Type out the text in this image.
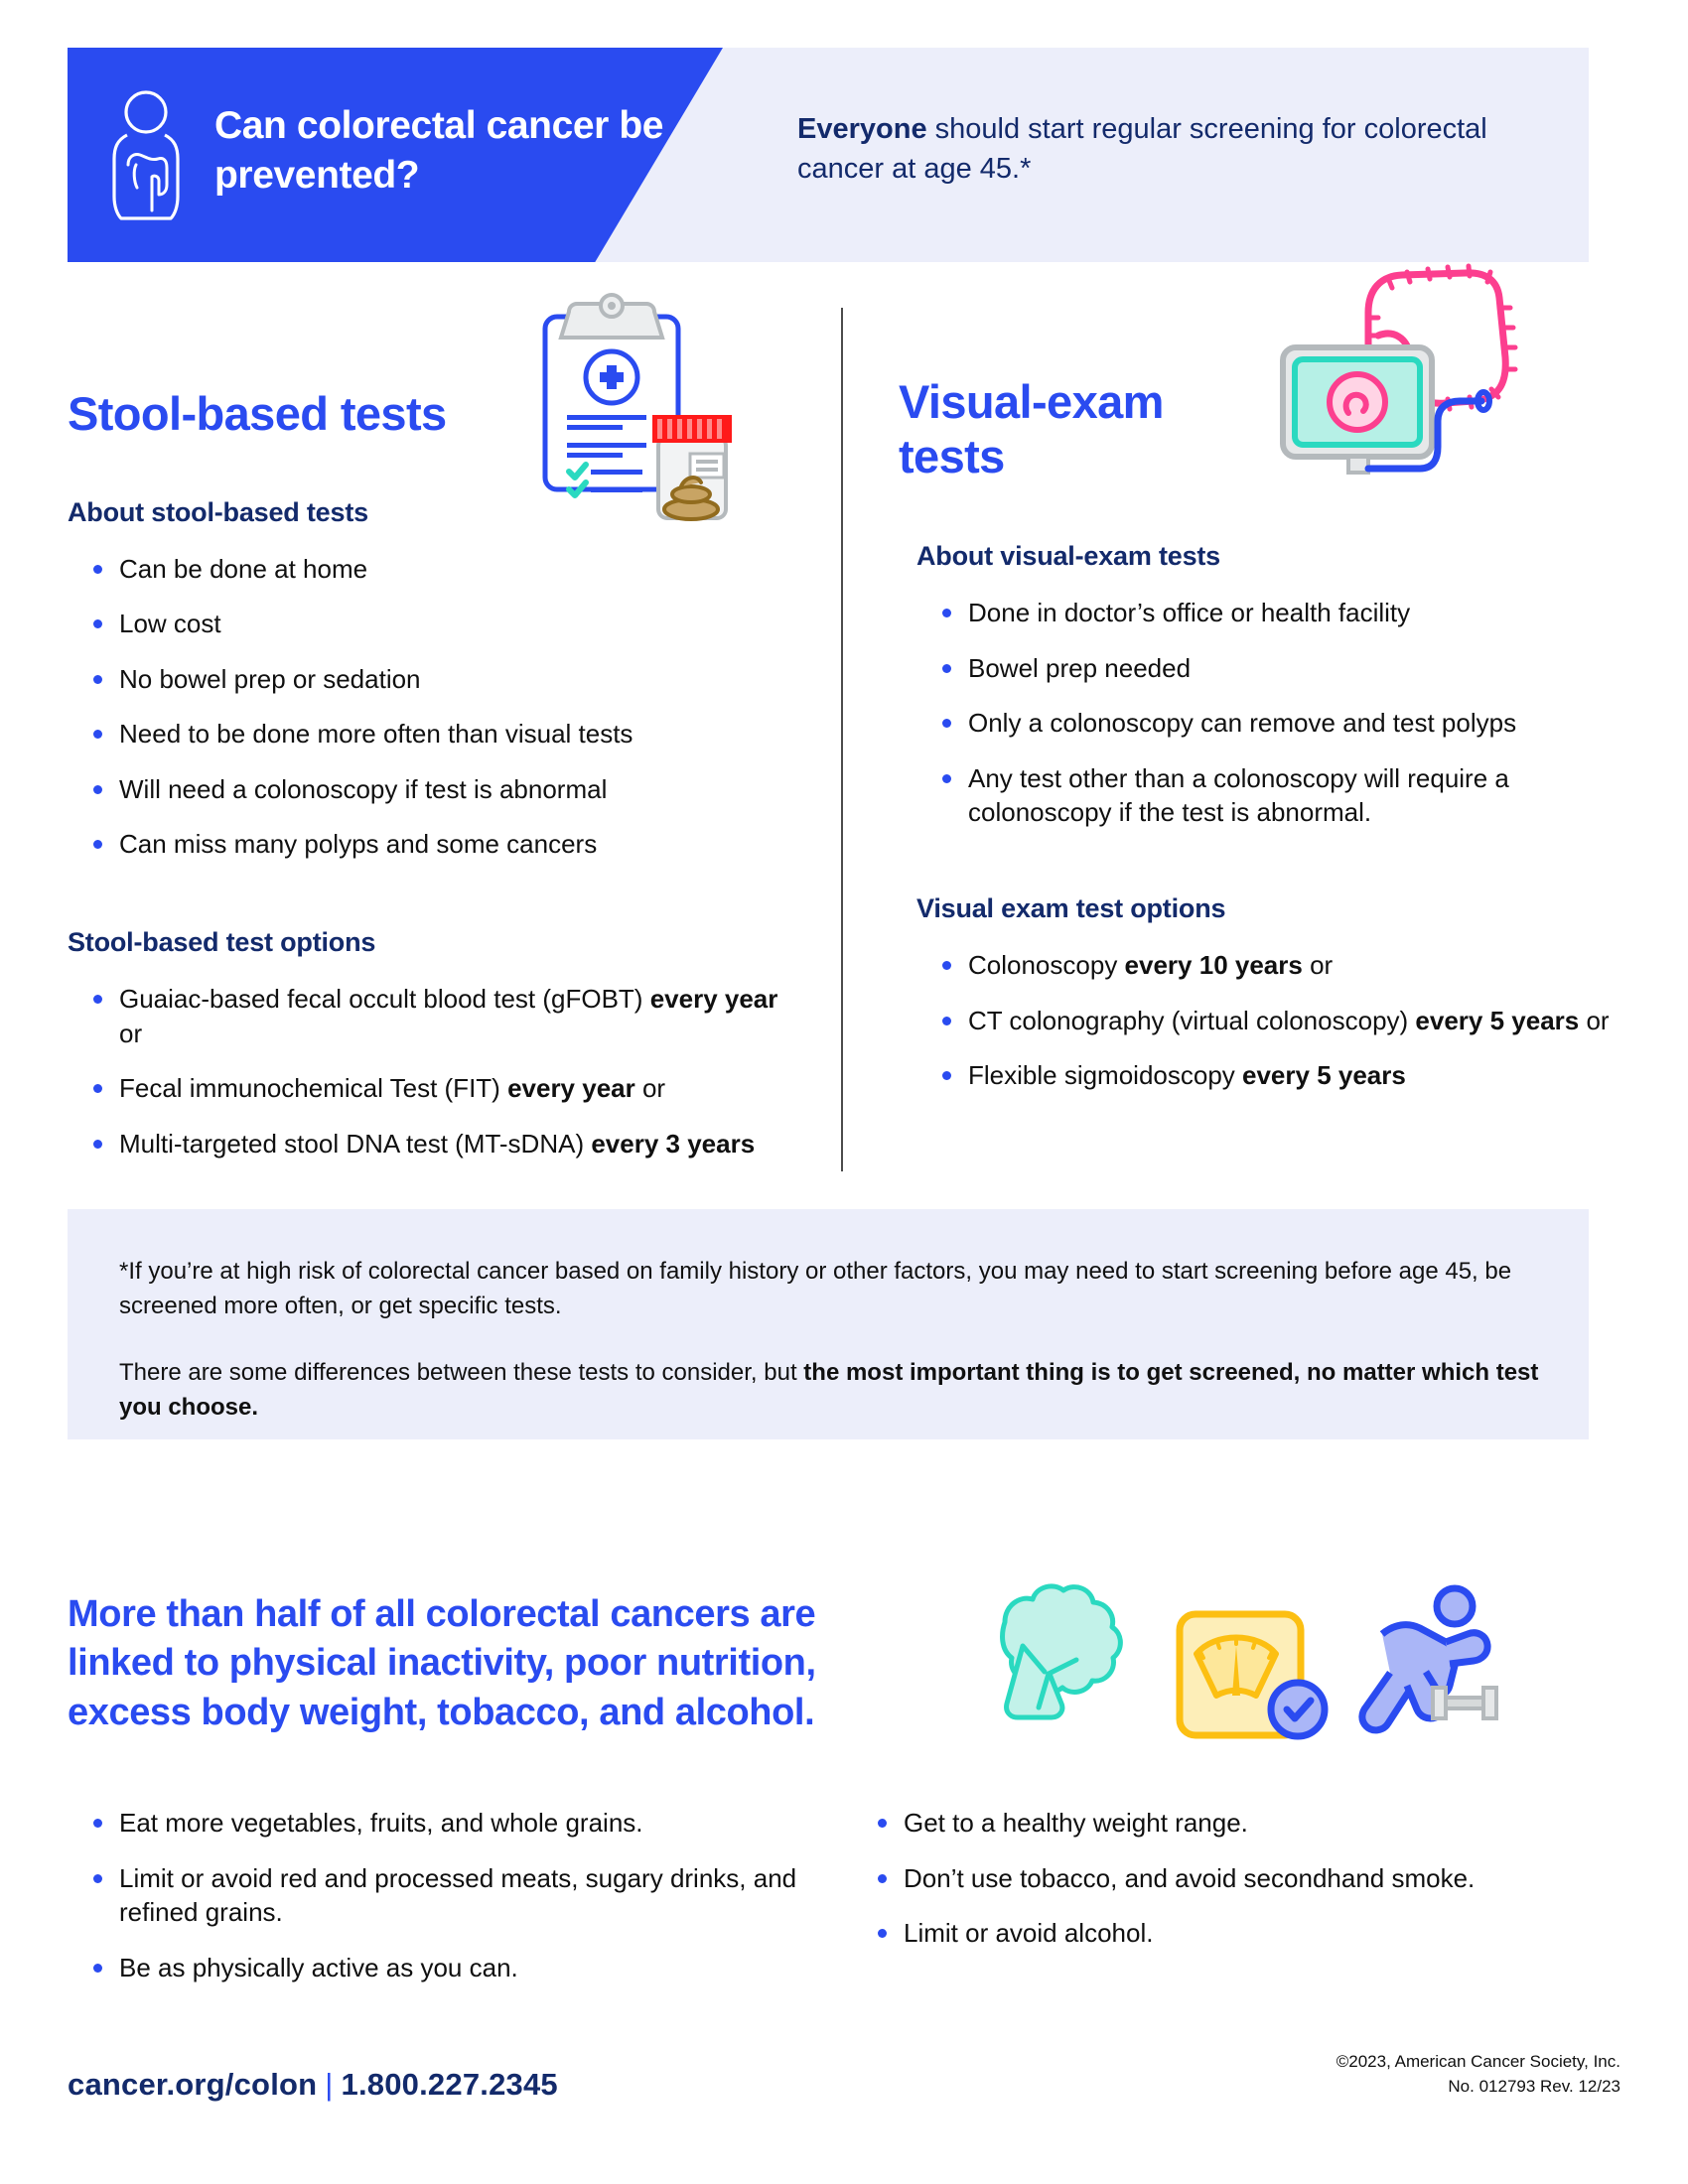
Can colorectal cancer be prevented?
Everyone should start regular screening for colorectal cancer at age 45.*
Stool-based tests
About stool-based tests
Can be done at home
Low cost
No bowel prep or sedation
Need to be done more often than visual tests
Will need a colonoscopy if test is abnormal
Can miss many polyps and some cancers
Stool-based test options
Guaiac-based fecal occult blood test (gFOBT) every year or
Fecal immunochemical Test (FIT) every year or
Multi-targeted stool DNA test (MT-sDNA) every 3 years
Visual-exam tests
About visual-exam tests
Done in doctor’s office or health facility
Bowel prep needed
Only a colonoscopy can remove and test polyps
Any test other than a colonoscopy will require a colonoscopy if the test is abnormal.
Visual exam test options
Colonoscopy every 10 years or
CT colonography (virtual colonoscopy) every 5 years or
Flexible sigmoidoscopy every 5 years
*If you’re at high risk of colorectal cancer based on family history or other factors, you may need to start screening before age 45, be screened more often, or get specific tests.
There are some differences between these tests to consider, but the most important thing is to get screened, no matter which test you choose.
More than half of all colorectal cancers are linked to physical inactivity, poor nutrition, excess body weight, tobacco, and alcohol.
Eat more vegetables, fruits, and whole grains.
Limit or avoid red and processed meats, sugary drinks, and refined grains.
Be as physically active as you can.
Get to a healthy weight range.
Don’t use tobacco, and avoid secondhand smoke.
Limit or avoid alcohol.
cancer.org/colon | 1.800.227.2345
©2023, American Cancer Society, Inc.
No. 012793 Rev. 12/23
